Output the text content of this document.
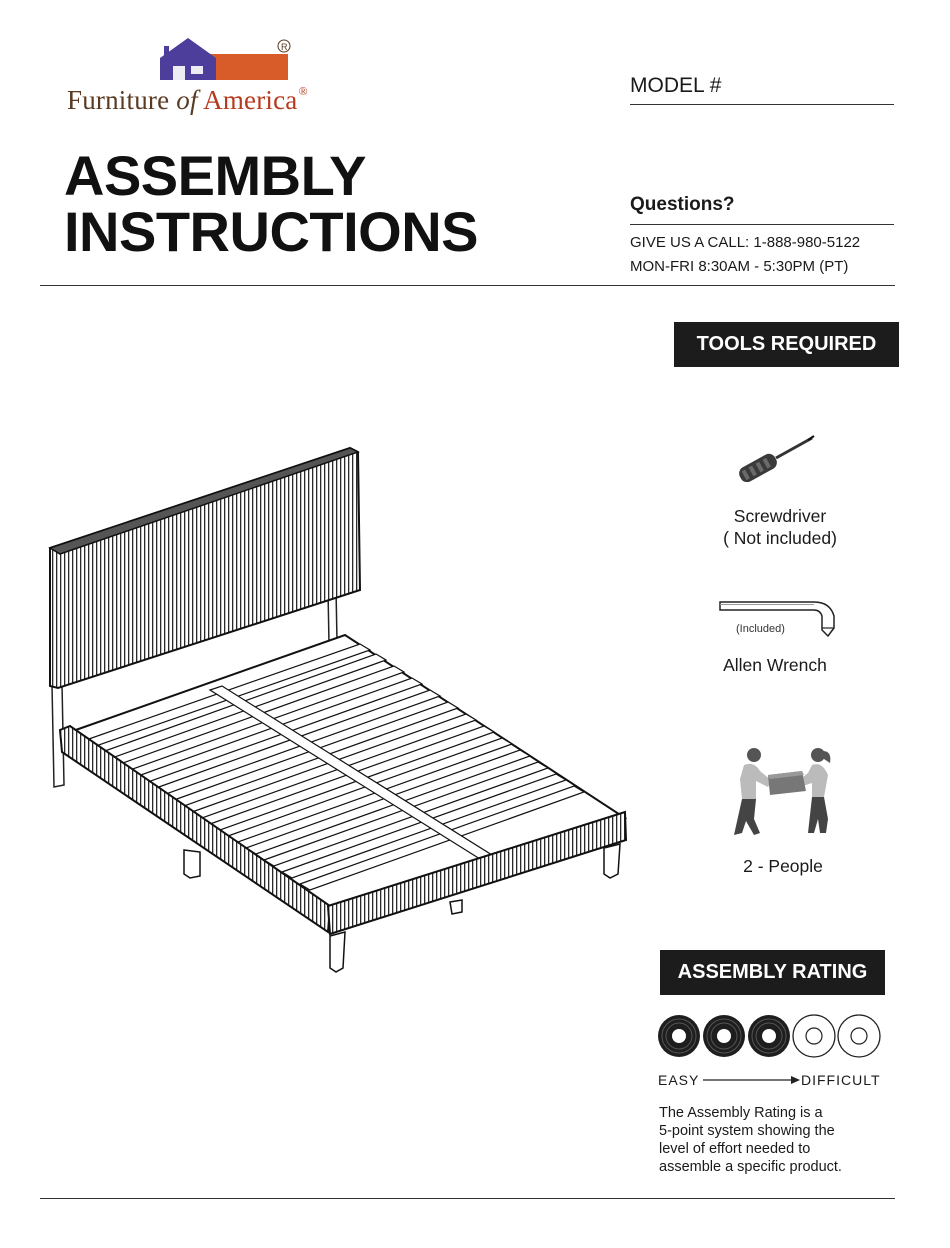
R
Furniture of America®
ASSEMBLY
INSTRUCTIONS
MODEL #
Questions?
GIVE US A CALL: 1-888-980-5122
MON-FRI 8:30AM - 5:30PM (PT)
TOOLS REQUIRED
Screwdriver
( Not included)
(Included)
Allen Wrench
2 - People
ASSEMBLY RATING
EASY	DIFFICULT
The Assembly Rating is a
5-point system showing the
level of effort needed to
assemble a specific product.
